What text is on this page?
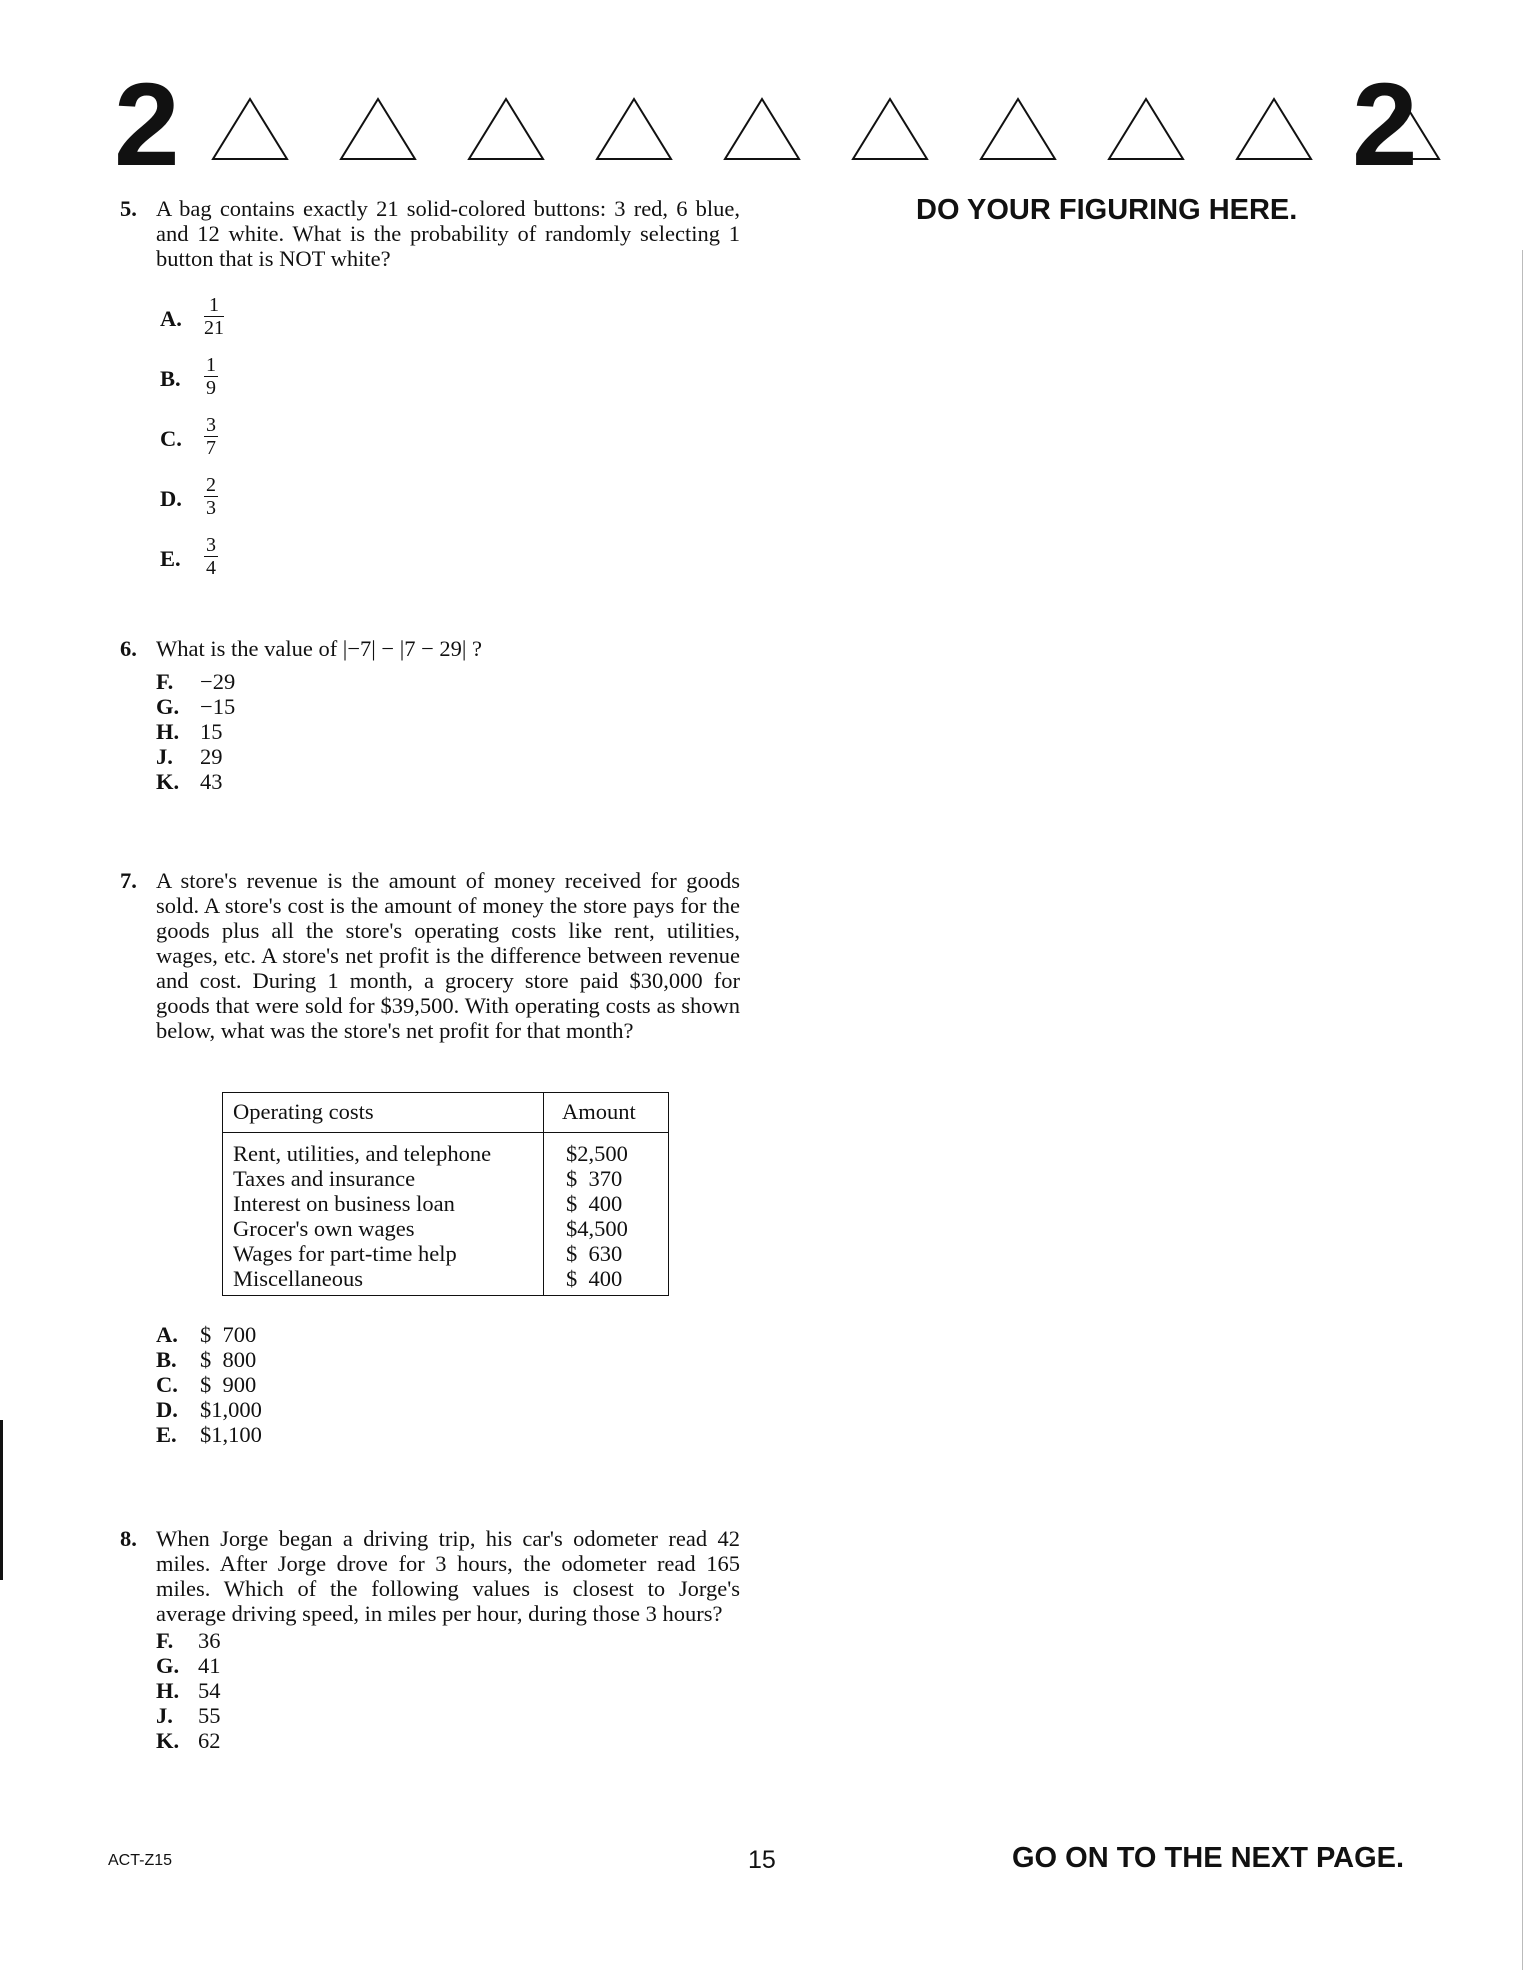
2	2
DO YOUR FIGURING HERE.
5. A bag contains exactly 21 solid-colored buttons: 3 red, 6 blue, and 12 white. What is the probability of randomly selecting 1 button that is NOT white?

A. $\frac{1}{21}$
B. $\frac{1}{9}$
C. $\frac{3}{7}$
D. $\frac{2}{3}$
E. $\frac{3}{4}$
6. What is the value of |−7| − |7 − 29| ?

F. −29
G. −15
H. 15
J. 29
K. 43
7. A store's revenue is the amount of money received for goods sold. A store's cost is the amount of money the store pays for the goods plus all the store's operating costs like rent, utilities, wages, etc. A store's net profit is the difference between revenue and cost. During 1 month, a grocery store paid $30,000 for goods that were sold for $39,500. With operating costs as shown below, what was the store's net profit for that month?

Operating costs	Amount
Rent, utilities, and telephone	$2,500
Taxes and insurance	$  370
Interest on business loan	$  400
Grocer's own wages	$4,500
Wages for part-time help	$  630
Miscellaneous	$  400
A. $  700
B. $  800
C. $  900
D. $1,000
E. $1,100
8. When Jorge began a driving trip, his car's odometer read 42 miles. After Jorge drove for 3 hours, the odometer read 165 miles. Which of the following values is closest to Jorge's average driving speed, in miles per hour, during those 3 hours?

F. 36
G. 41
H. 54
J. 55
K. 62
ACT-Z15	15	GO ON TO THE NEXT PAGE.
